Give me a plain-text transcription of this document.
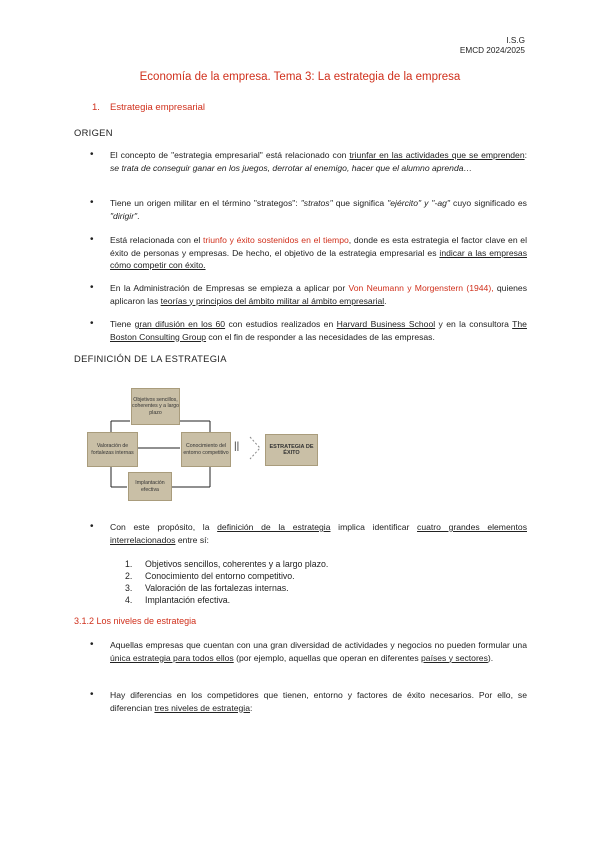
I.S.G
EMCD 2024/2025
Economía de la empresa. Tema 3: La estrategia de la empresa
1. Estrategia empresarial
ORIGEN
• El concepto de "estrategia empresarial" está relacionado con triunfar en las actividades que se emprenden: se trata de conseguir ganar en los juegos, derrotar al enemigo, hacer que el alumno aprenda…
• Tiene un origen militar en el término "strategos": "stratos" que significa "ejército" y "-ag" cuyo significado es "dirigir".
• Está relacionada con el triunfo y éxito sostenidos en el tiempo, donde es esta estrategia el factor clave en el éxito de personas y empresas. De hecho, el objetivo de la estrategia empresarial es indicar a las empresas cómo competir con éxito.
• En la Administración de Empresas se empieza a aplicar por Von Neumann y Morgenstern (1944), quienes aplicaron las teorías y principios del ámbito militar al ámbito empresarial.
• Tiene gran difusión en los 60 con estudios realizados en Harvard Business School y en la consultora The Boston Consulting Group con el fin de responder a las necesidades de las empresas.
DEFINICIÓN DE LA ESTRATEGIA
Objetivos sencillos, coherentes y a largo plazo
Valoración de fortalezas internas
Conocimiento del entorno competitivo
Implantación efectiva
||	ESTRATEGIA DE ÉXITO
• Con este propósito, la definición de la estrategia implica identificar cuatro grandes elementos interrelacionados entre sí:
1. Objetivos sencillos, coherentes y a largo plazo.
2. Conocimiento del entorno competitivo.
3. Valoración de las fortalezas internas.
4. Implantación efectiva.
3.1.2 Los niveles de estrategia
• Aquellas empresas que cuentan con una gran diversidad de actividades y negocios no pueden formular una única estrategia para todos ellos (por ejemplo, aquellas que operan en diferentes países y sectores).
• Hay diferencias en los competidores que tienen, entorno y factores de éxito necesarios. Por ello, se diferencian tres niveles de estrategia:
